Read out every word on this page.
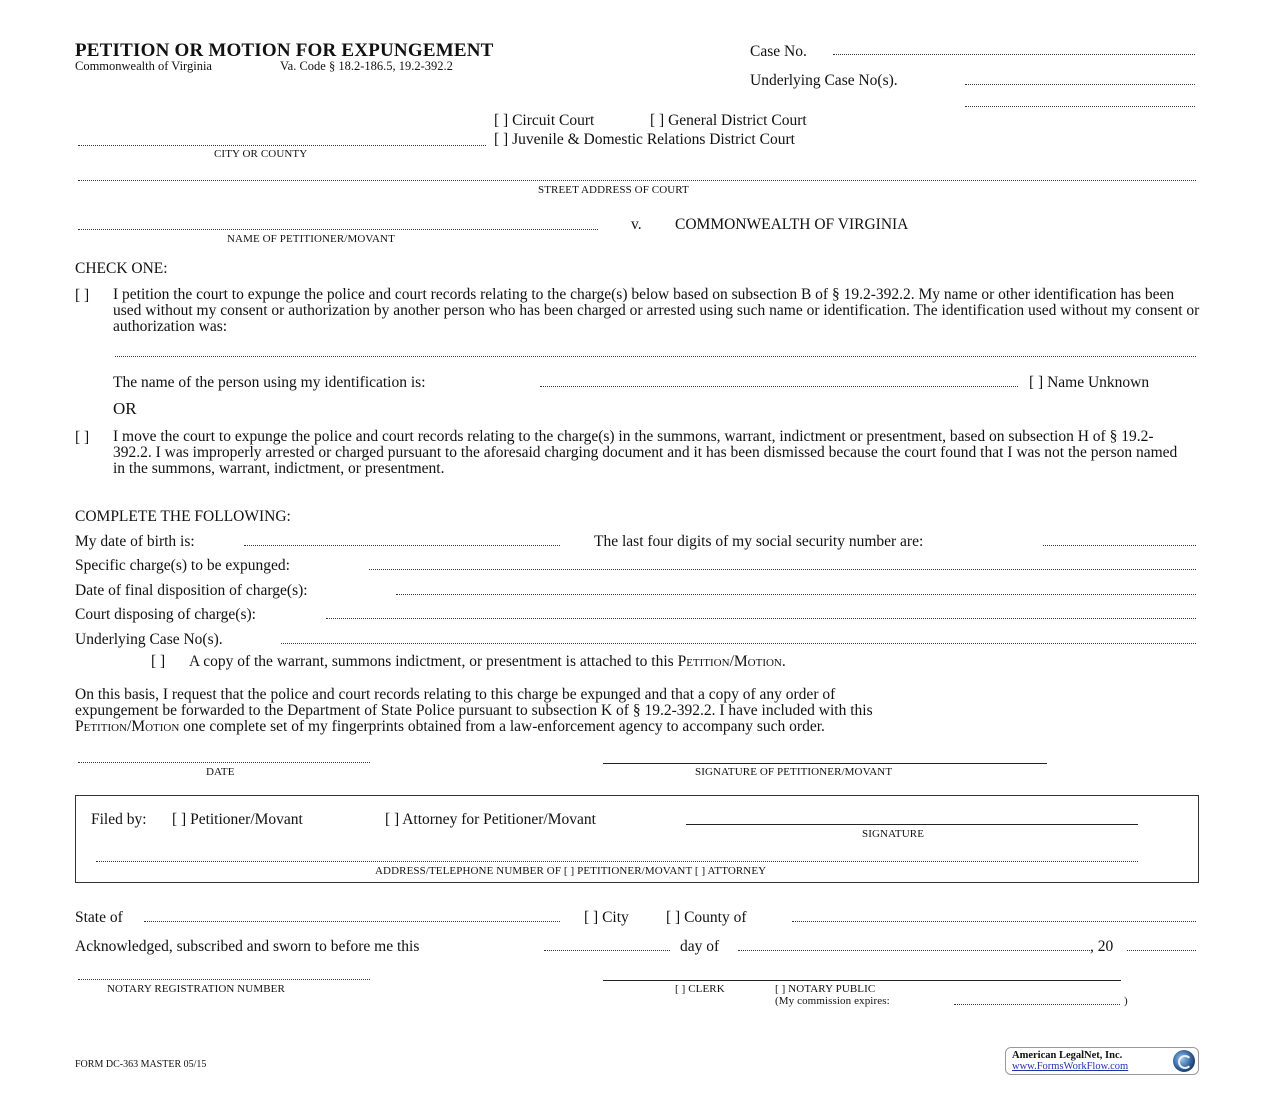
PETITION OR MOTION FOR EXPUNGEMENT
Commonwealth of Virginia	Va. Code § 18.2-186.5, 19.2-392.2
Case No.
Underlying Case No(s).
[ ] Circuit Court	[ ] General District Court
[ ] Juvenile & Domestic Relations District Court
CITY OR COUNTY
STREET ADDRESS OF COURT
NAME OF PETITIONER/MOVANT
v. COMMONWEALTH OF VIRGINIA
CHECK ONE:
[ ] I petition the court to expunge the police and court records relating to the charge(s) below based on subsection B of § 19.2-392.2. My name or other identification has been used without my consent or authorization by another person who has been charged or arrested using such name or identification. The identification used without my consent or authorization was:
The name of the person using my identification is:	[ ] Name Unknown
OR
[ ] I move the court to expunge the police and court records relating to the charge(s) in the summons, warrant, indictment or presentment, based on subsection H of § 19.2-392.2. I was improperly arrested or charged pursuant to the aforesaid charging document and it has been dismissed because the court found that I was not the person named in the summons, warrant, indictment, or presentment.
COMPLETE THE FOLLOWING:
My date of birth is:	The last four digits of my social security number are:
Specific charge(s) to be expunged:
Date of final disposition of charge(s):
Court disposing of charge(s):
Underlying Case No(s).
[ ] A copy of the warrant, summons indictment, or presentment is attached to this Petition/Motion.
On this basis, I request that the police and court records relating to this charge be expunged and that a copy of any order of
expungement be forwarded to the Department of State Police pursuant to subsection K of § 19.2-392.2. I have included with this
Petition/Motion one complete set of my fingerprints obtained from a law-enforcement agency to accompany such order.
DATE	SIGNATURE OF PETITIONER/MOVANT
Filed by: [ ] Petitioner/Movant	[ ] Attorney for Petitioner/Movant
SIGNATURE
ADDRESS/TELEPHONE NUMBER OF [ ] PETITIONER/MOVANT [ ] ATTORNEY
State of	[ ] City [ ] County of
Acknowledged, subscribed and sworn to before me this	day of	, 20
NOTARY REGISTRATION NUMBER	[ ] CLERK	[ ] NOTARY PUBLIC
(My commission expires:	)
FORM DC-363 MASTER 05/15
American LegalNet, Inc.
www.FormsWorkFlow.com
